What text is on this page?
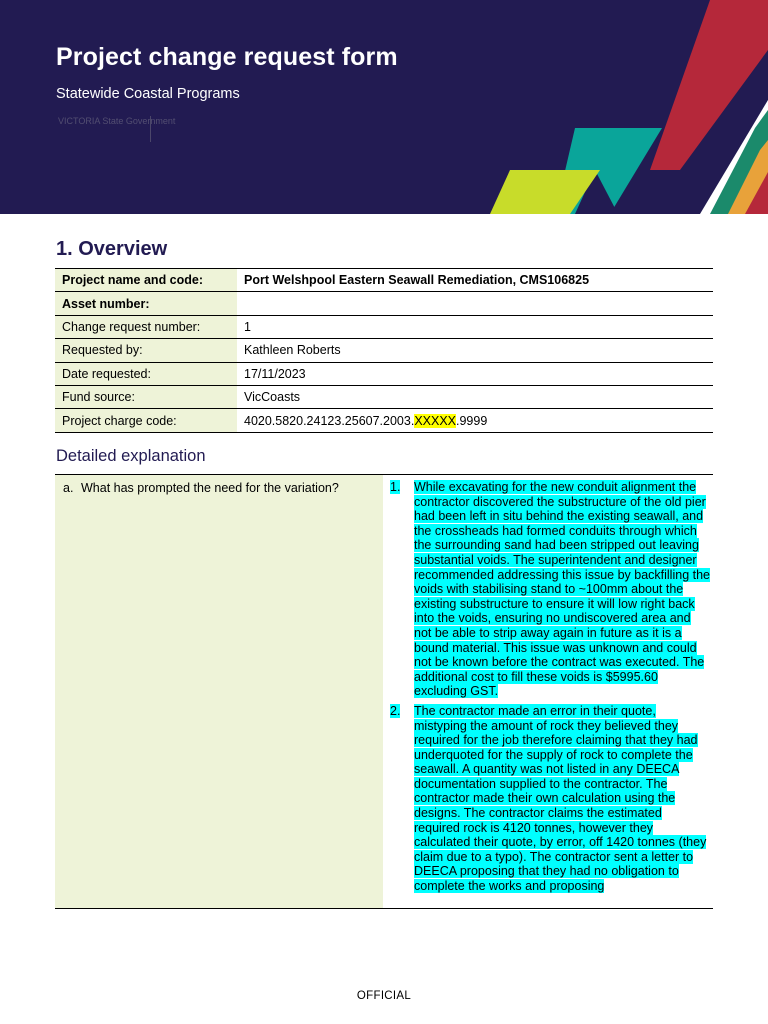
Project change request form
Statewide Coastal Programs
VICTORIA State Government
1. Overview
Project name and code:	Port Welshpool Eastern Seawall Remediation, CMS106825
Asset number:	
Change request number:	1
Requested by:	Kathleen Roberts
Date requested:	17/11/2023
Fund source:	VicCoasts
Project charge code:	4020.5820.24123.25607.2003.XXXXX.9999
Detailed explanation
a. What has prompted the need for the variation?	1.	While excavating for the new conduit alignment the contractor discovered the substructure of the old pier had been left in situ behind the existing seawall, and the crossheads had formed conduits through which the surrounding sand had been stripped out leaving substantial voids. The superintendent and designer recommended addressing this issue by backfilling the voids with stabilising stand to ~100mm about the existing substructure to ensure it will low right back into the voids, ensuring no undiscovered area and not be able to strip away again in future as it is a bound material. This issue was unknown and could not be known before the contract was executed. The additional cost to fill these voids is $5995.60 excluding GST.
2.	The contractor made an error in their quote, mistyping the amount of rock they believed they required for the job therefore claiming that they had underquoted for the supply of rock to complete the seawall. A quantity was not listed in any DEECA documentation supplied to the contractor. The contractor made their own calculation using the designs. The contractor claims the estimated required rock is 4120 tonnes, however they calculated their quote, by error, off 1420 tonnes (they claim due to a typo). The contractor sent a letter to DEECA proposing that they had no obligation to complete the works and proposing
OFFICIAL
